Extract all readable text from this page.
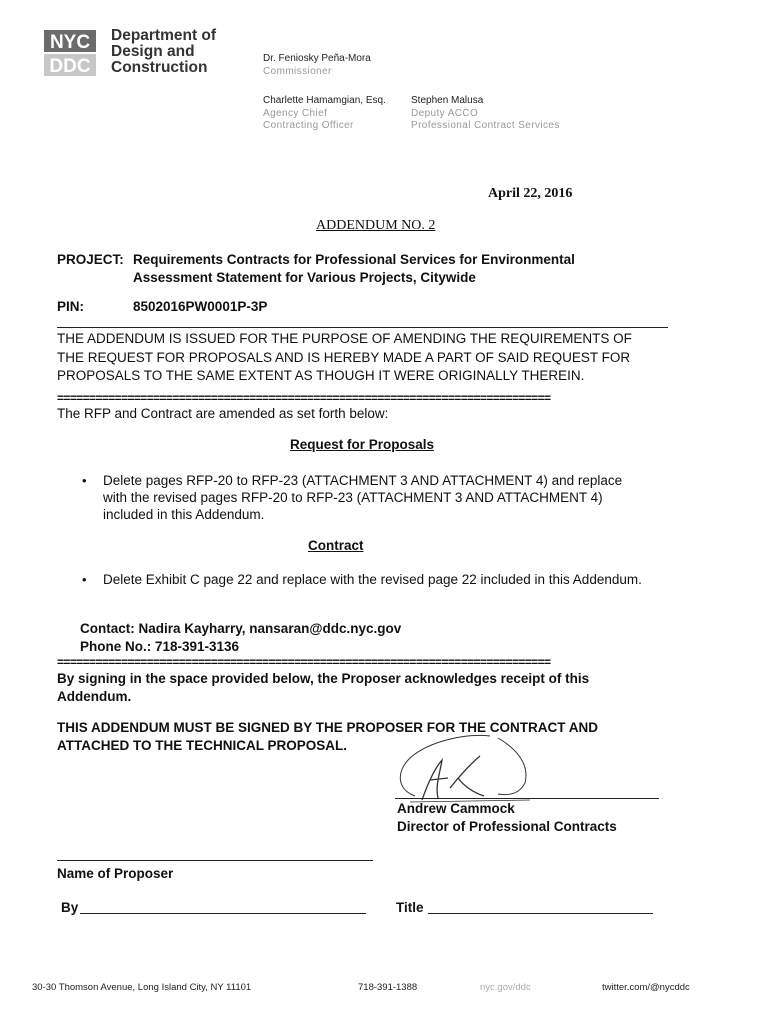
NYC
DDC
Department of
Design and
Construction
Dr. Feniosky Peña-Mora
Commissioner
Charlette Hamamgian, Esq.
Agency Chief
Contracting Officer
Stephen Malusa
Deputy ACCO
Professional Contract Services
April 22, 2016
ADDENDUM NO. 2
PROJECT: Requirements Contracts for Professional Services for Environmental
Assessment Statement for Various Projects, Citywide
PIN:	8502016PW0001P-3P
THE ADDENDUM IS ISSUED FOR THE PURPOSE OF AMENDING THE REQUIREMENTS OF
THE REQUEST FOR PROPOSALS AND IS HEREBY MADE A PART OF SAID REQUEST FOR
PROPOSALS TO THE SAME EXTENT AS THOUGH IT WERE ORIGINALLY THEREIN.
=============================================================================
The RFP and Contract are amended as set forth below:
Request for Proposals
• Delete pages RFP-20 to RFP-23 (ATTACHMENT 3 AND ATTACHMENT 4) and replace
with the revised pages RFP-20 to RFP-23 (ATTACHMENT 3 AND ATTACHMENT 4)
included in this Addendum.
Contract
• Delete Exhibit C page 22 and replace with the revised page 22 included in this Addendum.
Contact: Nadira Kayharry, nansaran@ddc.nyc.gov
Phone No.: 718-391-3136
=============================================================================
By signing in the space provided below, the Proposer acknowledges receipt of this
Addendum.
THIS ADDENDUM MUST BE SIGNED BY THE PROPOSER FOR THE CONTRACT AND
ATTACHED TO THE TECHNICAL PROPOSAL.
Andrew Cammock
Director of Professional Contracts
Name of Proposer
By	Title
30-30 Thomson Avenue, Long Island City, NY 11101	718-391-1388	nyc.gov/ddc	twitter.com/@nycddc
